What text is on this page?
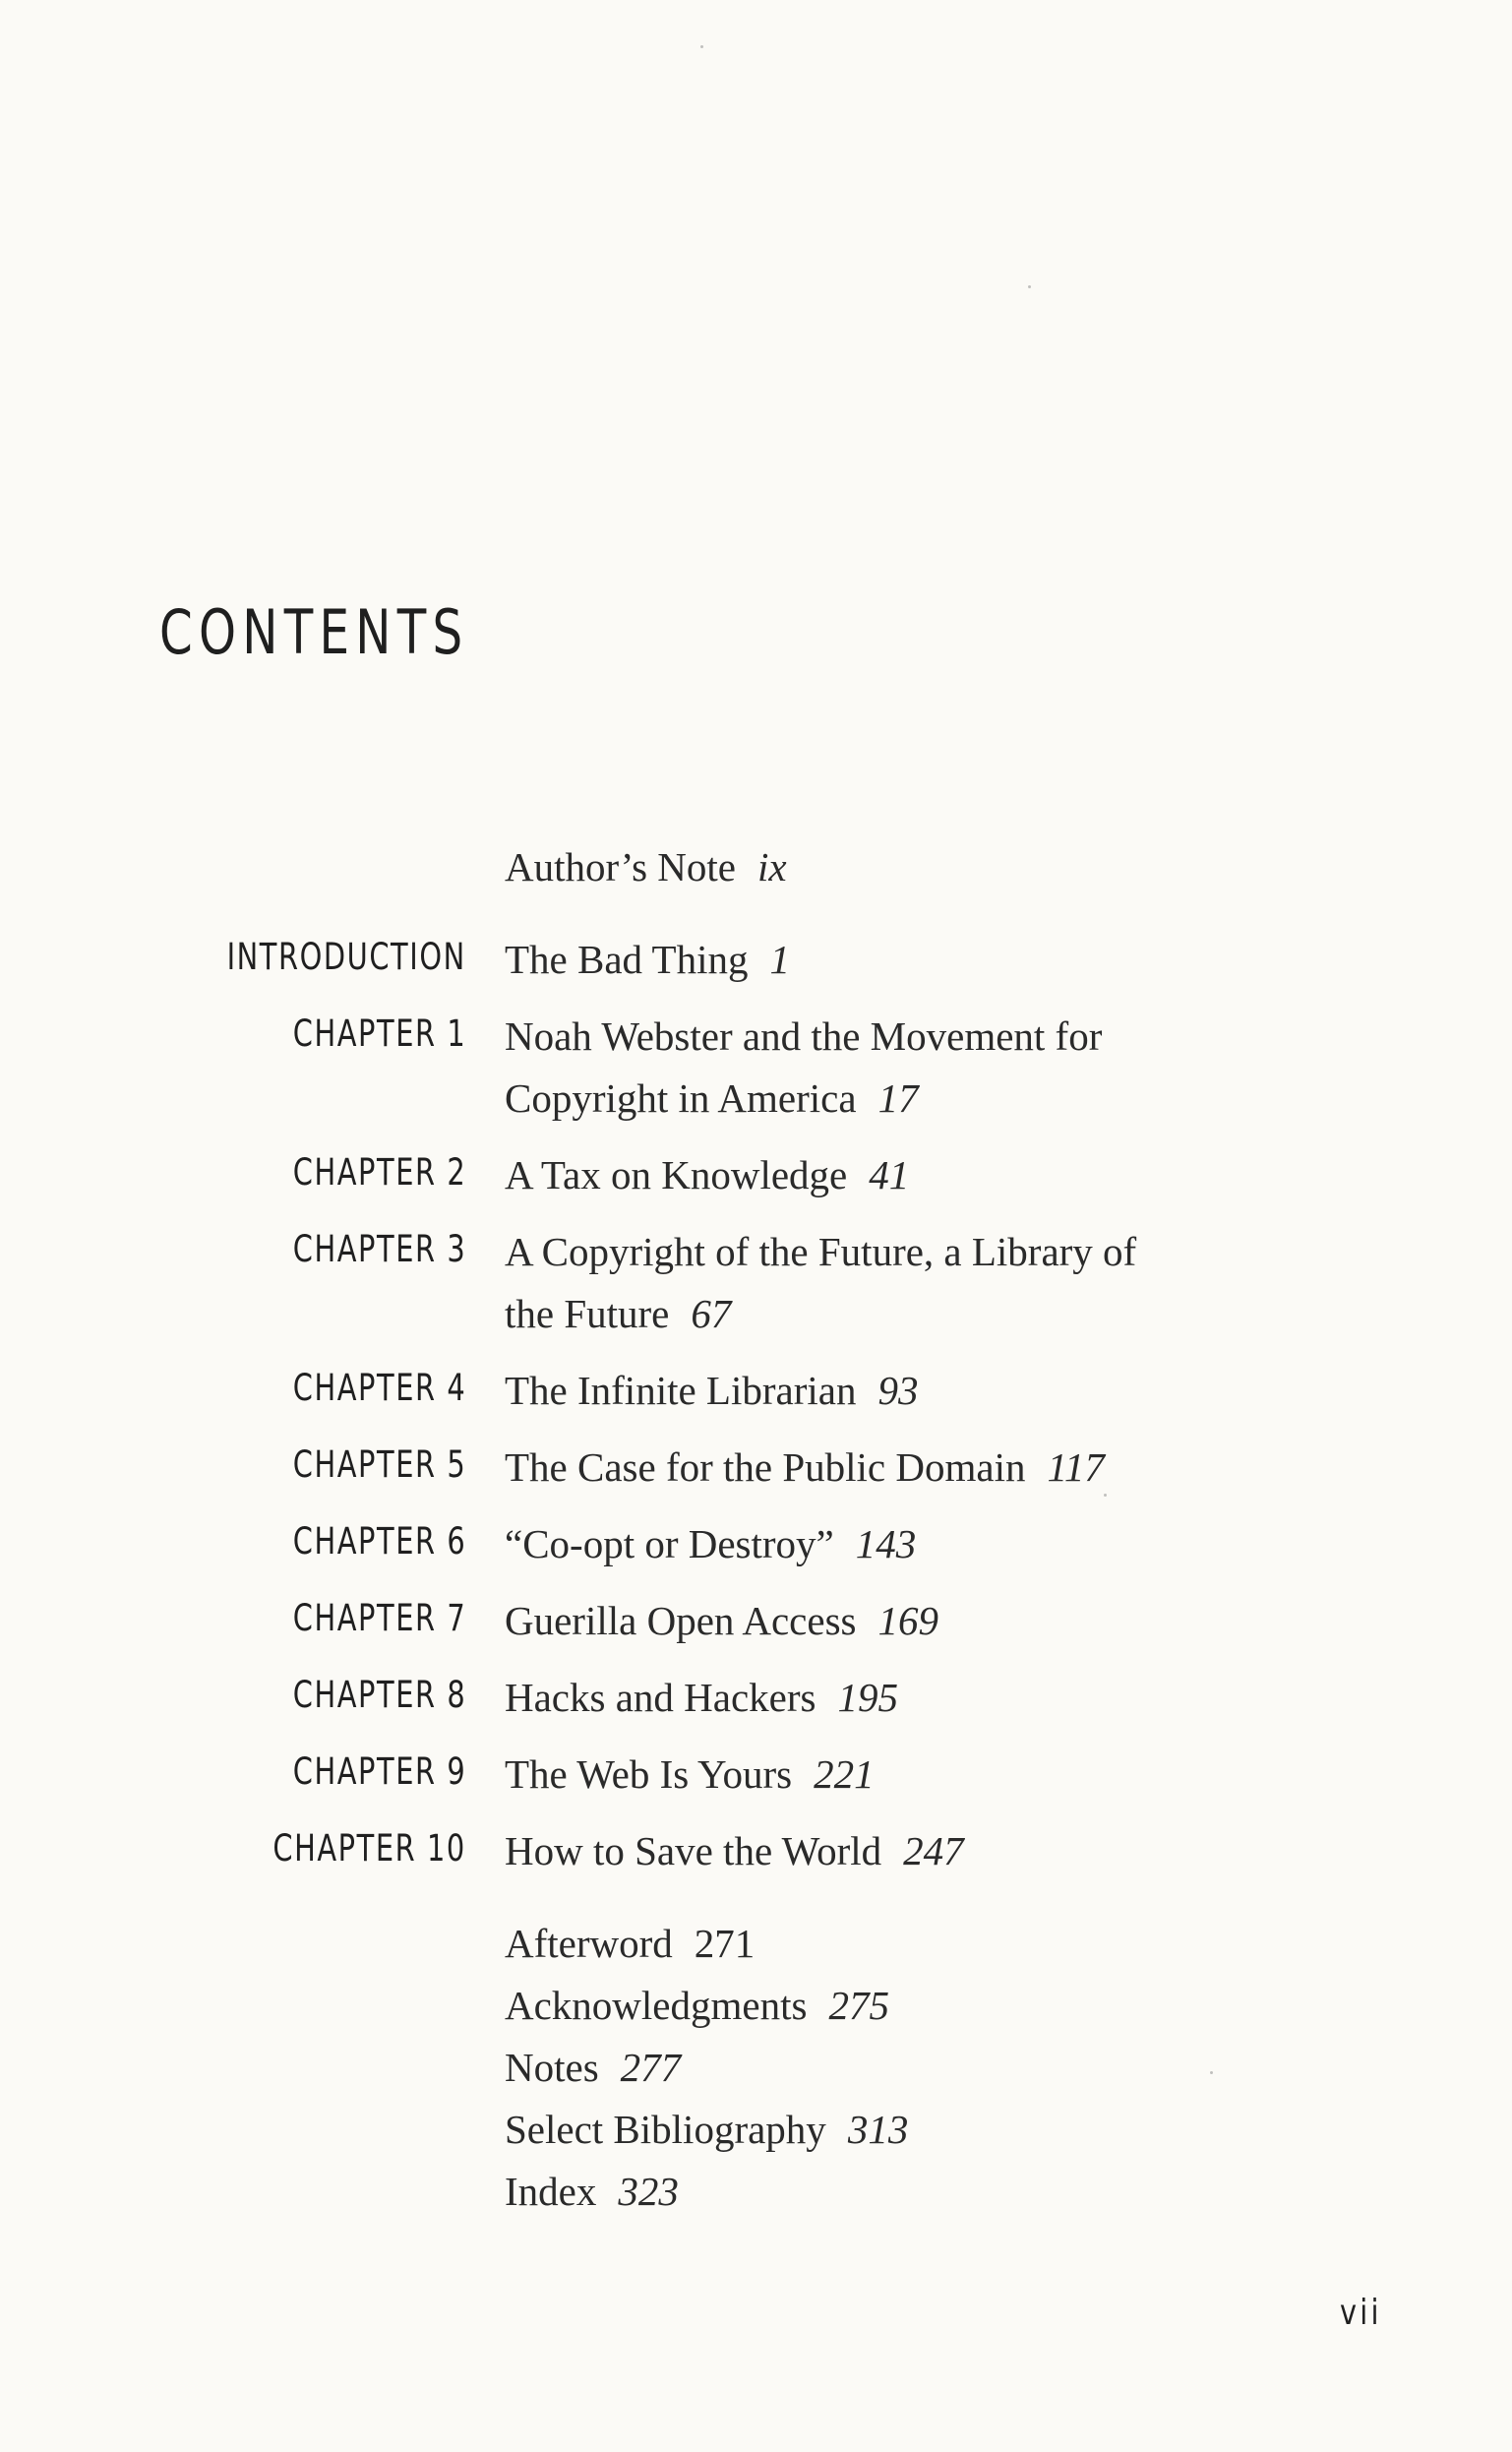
CONTENTS
Author’s Note ix
INTRODUCTION The Bad Thing 1
CHAPTER 1 Noah Webster and the Movement for
Copyright in America 17
CHAPTER 2 A Tax on Knowledge 41
CHAPTER 3 A Copyright of the Future, a Library of
the Future 67
CHAPTER 4 The Infinite Librarian 93
CHAPTER 5 The Case for the Public Domain 117
CHAPTER 6 “Co-opt or Destroy” 143
CHAPTER 7 Guerilla Open Access 169
CHAPTER 8 Hacks and Hackers 195
CHAPTER 9 The Web Is Yours 221
CHAPTER 10 How to Save the World 247
Afterword 271
Acknowledgments 275
Notes 277
Select Bibliography 313
Index 323
vii
